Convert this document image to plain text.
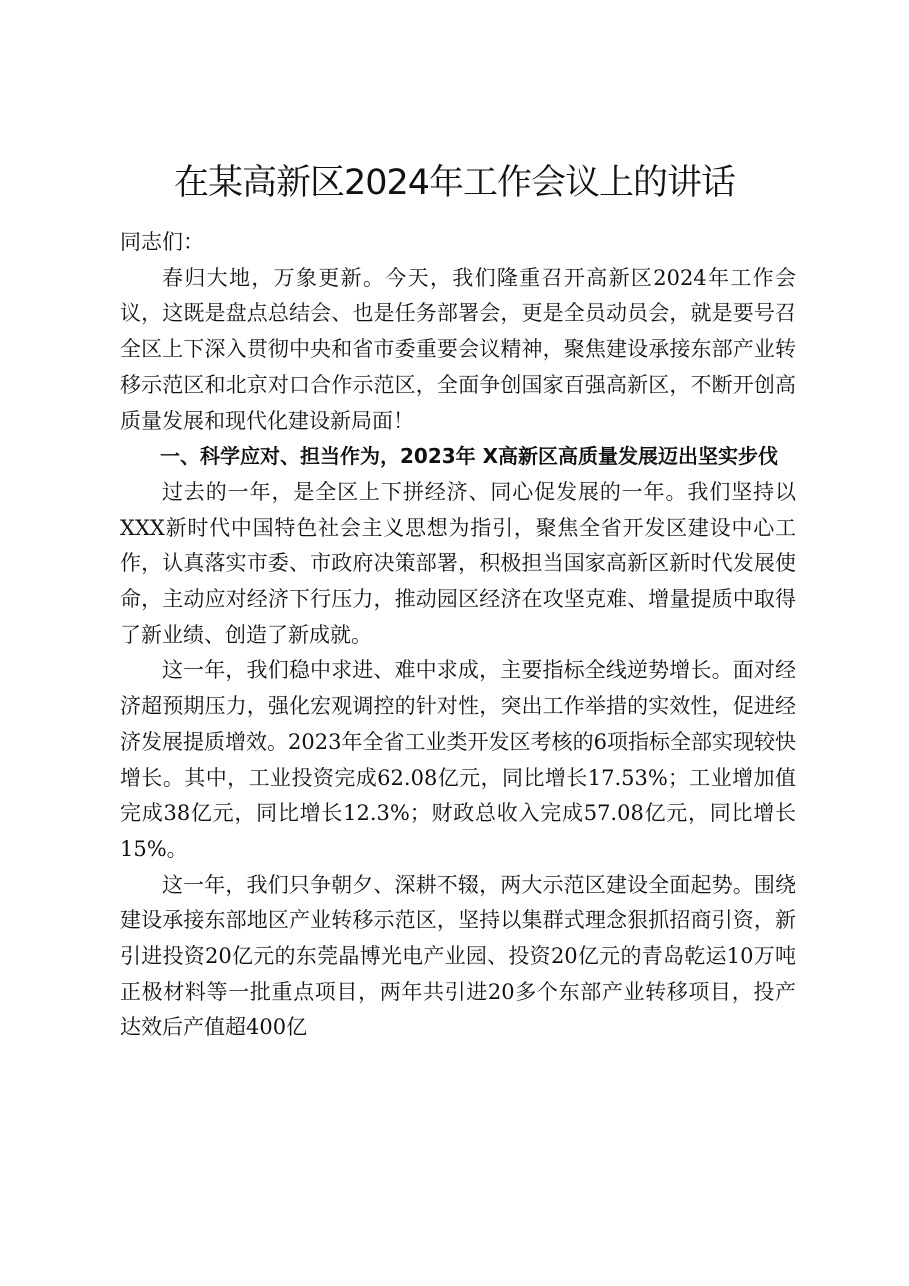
在某高新区2024年工作会议上的讲话

同志们：

春归大地，万象更新。今天，我们隆重召开高新区2024年工作会议，这既是盘点总结会、也是任务部署会，更是全员动员会，就是要号召全区上下深入贯彻中央和省市委重要会议精神，聚焦建设承接东部产业转移示范区和北京对口合作示范区，全面争创国家百强高新区，不断开创高质量发展和现代化建设新局面！

一、科学应对、担当作为，2023年 X高新区高质量发展迈出坚实步伐

过去的一年，是全区上下拼经济、同心促发展的一年。我们坚持以XXX新时代中国特色社会主义思想为指引，聚焦全省开发区建设中心工作，认真落实市委、市政府决策部署，积极担当国家高新区新时代发展使命，主动应对经济下行压力，推动园区经济在攻坚克难、增量提质中取得了新业绩、创造了新成就。

这一年，我们稳中求进、难中求成，主要指标全线逆势增长。面对经济超预期压力，强化宏观调控的针对性，突出工作举措的实效性，促进经济发展提质增效。2023年全省工业类开发区考核的6项指标全部实现较快增长。其中，工业投资完成62.08亿元，同比增长17.53%；工业增加值完成38亿元，同比增长12.3%；财政总收入完成57.08亿元，同比增长15%。

这一年，我们只争朝夕、深耕不辍，两大示范区建设全面起势。围绕建设承接东部地区产业转移示范区，坚持以集群式理念狠抓招商引资，新引进投资20亿元的东莞晶博光电产业园、投资20亿元的青岛乾运10万吨正极材料等一批重点项目，两年共引进20多个东部产业转移项目，投产达效后产值超400亿
